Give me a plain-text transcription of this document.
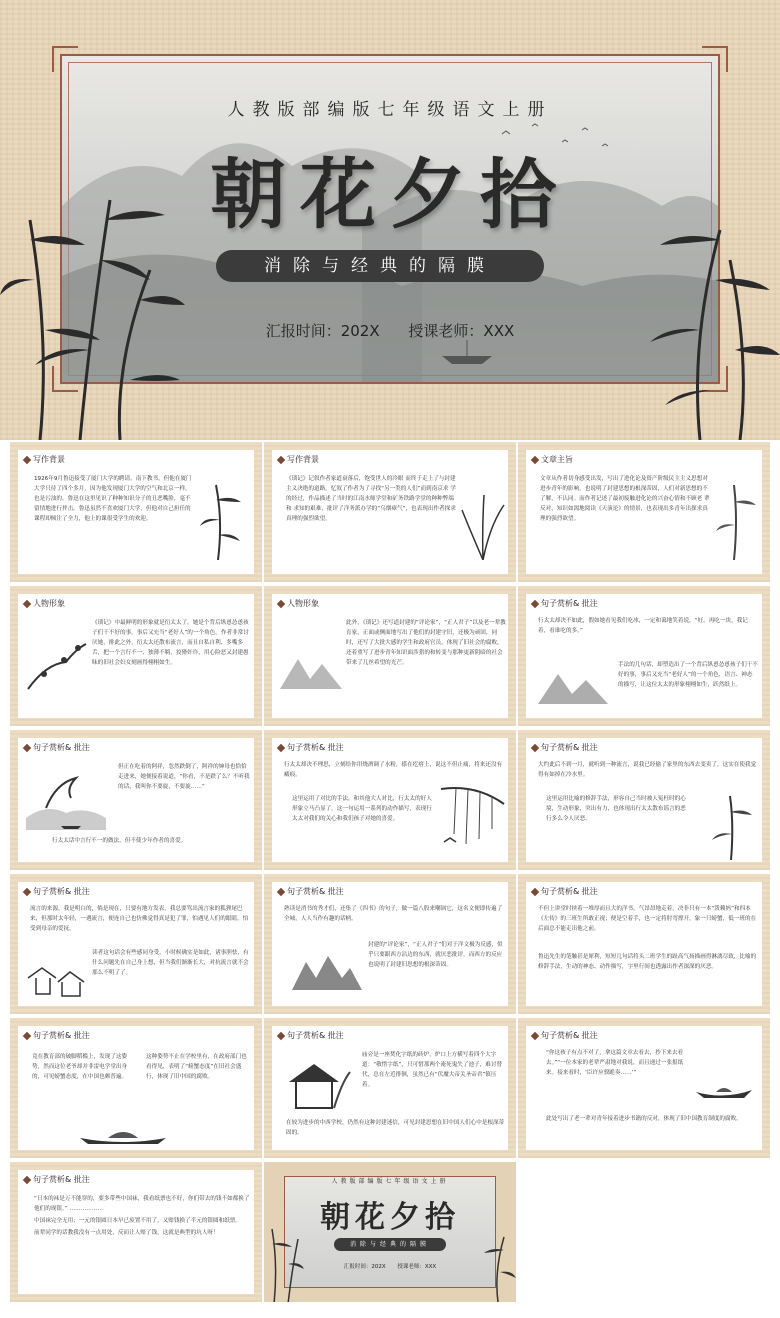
人教版部编版七年级语文上册
朝花夕拾
消除与经典的隔膜
汇报时间：202X 授课老师：XXX
写作背景

1926年9月鲁迅接受了厦门大学的聘请。南下教书，但他在厦门大学只待了四个多月，因为他发现厦门大学的空气和北京一样，也是污浊的。鲁迅在这里见识了种种知识分子的丑恶嘴脸，毫不留情地进行抨击。鲁迅虽然不喜欢厦门大学，但他对自己担任的课程却倾注了全力，他上的课很受学生的欢迎。

写作背景

《琐记》记叙作者家道衰落后，饱受世人的冷眼 而终于走上了与封建主义决绝的道路。忆叙了作者为了寻找“另一类的人们”而到南京求 学的经过，作品描述了当时的江南水师学堂和矿务铁路学堂的种种弊端和 求知的艰难，批评了洋务派办学的“乌烟瘴气”，也表现出作者探求真理的强烈欲望。

文章主旨

文章从作者切身感受出发，写出了进化论及资产阶级民主主义思想对进步青年的影响，也说明了封建思想的根深蒂固，人们对新思想的不了解，不认同。而作者记述了最初接触进化论的兴奋心情和不顾老 辈反对，知识如渴地阅读《天演论》的情景，也表现出多青年出探求真理的强烈欲望。

人物形象

《琐记》中最鲜明的形象就是衍太太了。她是个背后纵恿怂恿孩子们干不好的事，事后又充当“老好人”的一个角色。作者非常讨厌她，排此之外，衍太太还散布流言，而且自私自利、多嘴多舌，把一个言行不一、独薄不羁，狡猾奸诈，用心险恶又封建愚昧的旧社会妇女刻画得栩栩如生。

人物形象

此外，《琐记》还写道封建的“评论家”，“正人君子”以及老一辈教育家，正面或侧面地写出了他们的封建守旧，还极为顽固，同时，还写了大批大感的学生和政府官员，体现了旧社会的腐败，还着重写了进步青年知识面涉猎的和转变与那种更新阴暗的社会带来了几丝希望的光芒。

句子赏析& 批注

行太太却决不如此，假如她看见我们吃冰，一定和蔼地笑着说，“好，再吃一块，我记着，看谁吃的多。”

手法的几句话，却塑造出了一个背后纵恿怂恿孩子们干不好的事，事后又充当“老好人”的一个角色，语言、神态的描写，让这位太太的形象栩栩如生，跃然纸上。

句子赏析& 批注

但正在吃着的阿祥，忽然跌倒了，阿祥的婶母也恰恰走进来，她便接着说道，“你看，不是跌了么？不听我的话，我叫你不要旋，不要旋……”

行太太话中言行不一的做法，但不使少年作者的喜爱。

句子赏析& 批注

行太太却决不理思，立刻给你用烧酒调了水粉，搽在疙瘩上，说这不但止痛，将来还没有癜痕。

这里运用了对比的手法，和其他大人对比，行太太的好人形象立马凸显了，这一句运用一系列的动作描写，表现行太太对我们的关心和我们孩子对她的喜爱。

句子赏析& 批注

大约此后不到一月，就听到一种流言，说我已经偷了家里的东西去变卖了，这实在使我觉得有如掉在冷水里。

这里运用比喻的修辞手法，形容自己当时被人冤枉时的心境，生动形象，突出有力，也体现出行太太散布谣言的恶行多么令人厌恶。

句子赏析& 批注

流言的来源，我是明白的，倘是现在，只要有地方发表，我总要骂出流言家的狐狸尾巴来，但那时太年轻，一遇流言，便连自己也仿佛觉得真是犯了罪，怕遇见人们的眼睛，怕受到母亲的爱抚。

读者这句话会有些感同身受，小时候确实是如此，诸事胆怯，有什么问题先在自己身上想，但当我们渐渐长大，对抗流言就不会那么不明了了。

句子赏析& 批注

熟读是消书的秀才们，还集了《四书》的句子，做一篇八股来嘲讽它，这名文便即传遍了全城，人人当作有趣的话柄。

封建的“评论家”，“正人君子”们对于洋文极为反感，似乎只要跟西方沾边的东西，就厌恶批评，而西方的反应也说明了封建旧思想的根深蒂固。

句子赏析& 批注

不但上讲堂时挟着一堆厚而且大的洋书，气昂昂地走着，决非只有一本“泼赖妈”和四本《左传》的三班生所敢正视；便是空着手，也一定将肘弯撑开，象一只螃蟹，低一班的在后面总不能走出他之前。

鲁迅先生的笔触甚是犀利，短短几句话将头二班学生的趾高气扬描画得淋漓尽致，比喻的修辞手法，生动的神态、动作描写，字里行间也透露出作者深深的厌恶。

句子赏析& 批注

竟在教育部的破脚稻槛上，发现了这姿势，然而这位老爷却并非雷电学堂出身的，可见螃蟹态度，在中国也颇普遍。

这种姿势不止在学校里有，在政府部门也看得见，表明了“螃蟹态度”在旧社会盛行，体现了旧中国的腐败。

句子赏析& 批注

庙旁是一座焚化字纸的砖炉，炉口上方横写着四个大字道：“敬惜字纸”，只可惜那两个淹死鬼失了池子，难讨替代，总在左近徘徊，虽然已有“伏魔大帝关圣帝君”镇压着。

在较为进步的中西学校，仍然有这种封建迷信，可见封建思想在旧中国人们心中是根深蒂固的。

句子赏析& 批注

“你这孩子有点不对了，拿这篇文章去看去，抄下来去看去。”“一位本家的老辈严肃地对我说，而且递过一张报纸来。接来看时，‘臣许应骙跪奏……’”

此处写出了老一辈对青年接着进步书籍的反对，体现了旧中国教育制度的腐败。

句子赏析& 批注

“日本的袜是万不能穿的，要多带些中国袜，我看纸票也不好，你们带去的钱不如都换了他们的现银。” ………………

中国袜完全无用；一元的银圆日本早已废置不用了，又赔钱换了半元的银圆和纸票。

前辈同学的话教我没有一点用处，反而让人赔了钱，这就是典型的坑人呀！

人教版部编版七年级语文上册
朝花夕拾
消除与经典的隔膜
汇报时间：202X 授课老师：XXX
